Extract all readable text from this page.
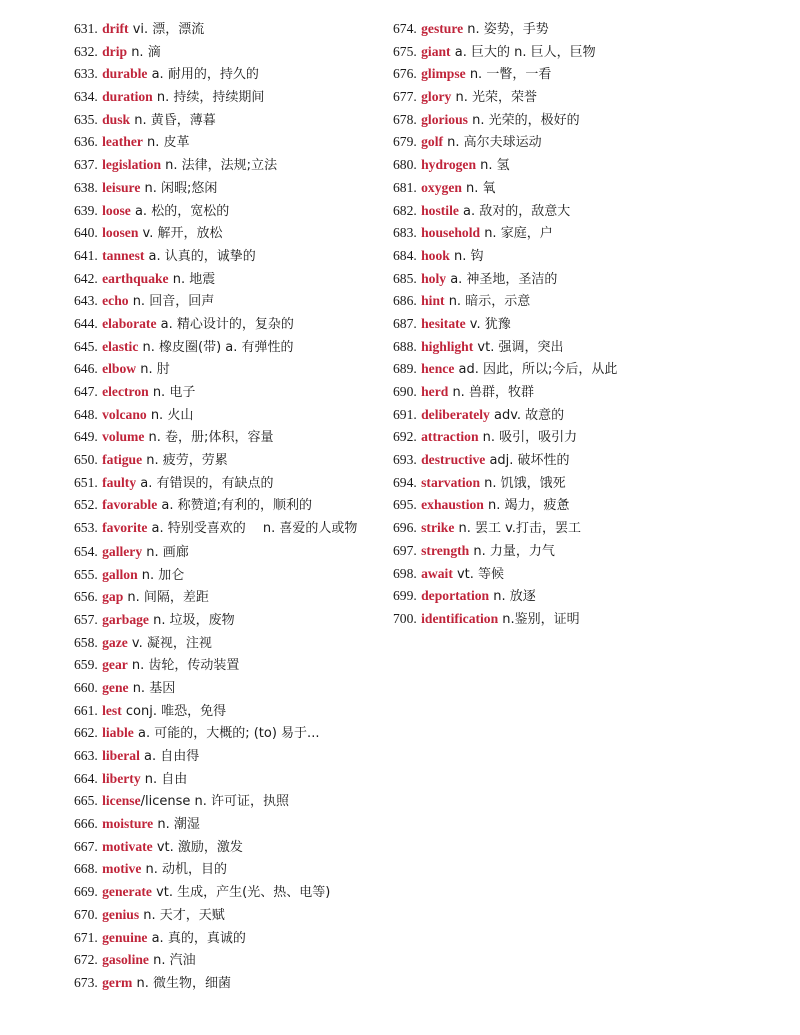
631. drift vi. 漂，漂流
632. drip n. 滴
633. durable a. 耐用的，持久的
634. duration n. 持续，持续期间
635. dusk n. 黄昏，薄暮
636. leather n. 皮革
637. legislation n. 法律，法规;立法
638. leisure n. 闲暇;悠闲
639. loose a. 松的，宽松的
640. loosen v. 解开，放松
641. tannest a. 认真的，诚挚的
642. earthquake n. 地震
643. echo n. 回音，回声
644. elaborate a. 精心设计的，复杂的
645. elastic n. 橡皮圈(带) a. 有弹性的
646. elbow n. 肘
647. electron n. 电子
648. volcano n. 火山
649. volume n. 卷，册;体积，容量
650. fatigue n. 疲劳，劳累
651. faulty a. 有错误的，有缺点的
652. favorable a. 称赞道;有利的，顺利的
653. favorite a. 特别受喜欢的　 n. 喜爱的人或物
654. gallery n. 画廊
655. gallon n. 加仑
656. gap n. 间隔，差距
657. garbage n. 垃圾，废物
658. gaze v. 凝视，注视
659. gear n. 齿轮，传动装置
660. gene n. 基因
661. lest conj. 唯恐，免得
662. liable a. 可能的，大概的; (to) 易于...
663. liberal a. 自由得
664. liberty n. 自由
665. license/license n. 许可证，执照
666. moisture n. 潮湿
667. motivate vt. 激励，激发
668. motive n. 动机，目的
669. generate vt. 生成，产生(光、热、电等)
670. genius n. 天才，天赋
671. genuine a. 真的，真诚的
672. gasoline n. 汽油
673. germ n. 微生物，细菌
674. gesture n. 姿势，手势
675. giant a. 巨大的 n. 巨人，巨物
676. glimpse n. 一瞥，一看
677. glory n. 光荣，荣誉
678. glorious n. 光荣的，极好的
679. golf n. 高尔夫球运动
680. hydrogen n. 氢
681. oxygen n. 氧
682. hostile a. 敌对的，敌意大
683. household n. 家庭，户
684. hook n. 钩
685. holy a. 神圣地，圣洁的
686. hint n. 暗示，示意
687. hesitate v. 犹豫
688. highlight vt. 强调，突出
689. hence ad. 因此，所以;今后，从此
690. herd n. 兽群，牧群
691. deliberately adv. 故意的
692. attraction n. 吸引，吸引力
693. destructive adj. 破坏性的
694. starvation n. 饥饿，饿死
695. exhaustion n. 竭力，疲惫
696. strike n. 罢工 v.打击，罢工
697. strength n. 力量，力气
698. await vt. 等候
699. deportation n. 放逐
700. identification n.鉴别，证明
